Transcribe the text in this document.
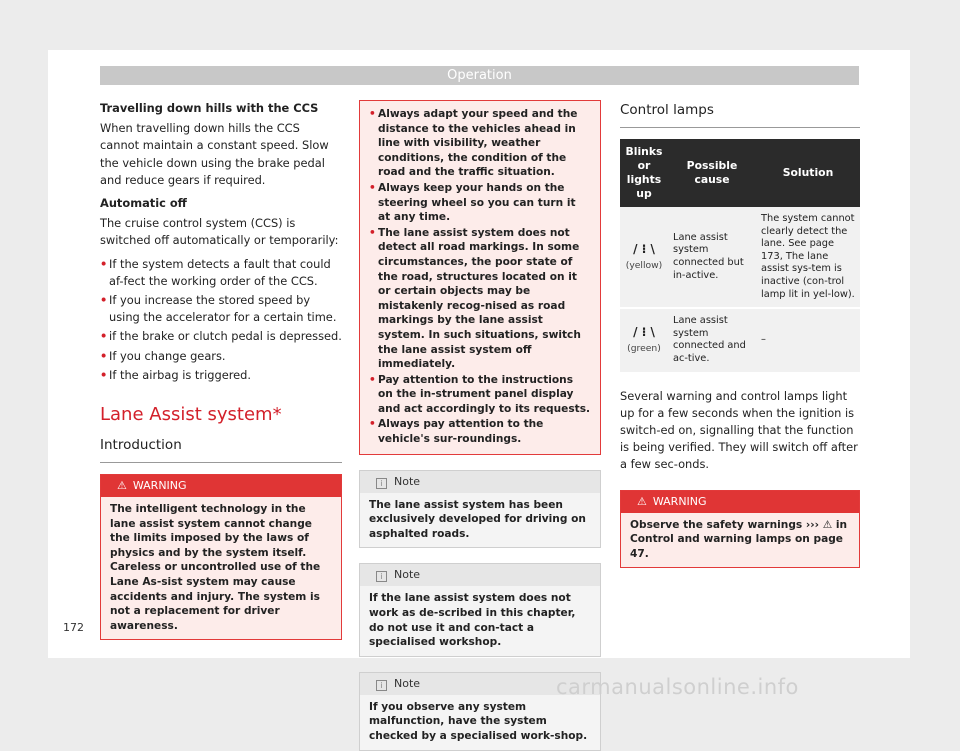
Operation
Travelling down hills with the CCS
When travelling down hills the CCS cannot maintain a constant speed. Slow the vehicle down using the brake pedal and reduce gears if required.
Automatic off
The cruise control system (CCS) is switched off automatically or temporarily:
• If the system detects a fault that could af-fect the working order of the CCS.
• If you increase the stored speed by using the accelerator for a certain time.
• if the brake or clutch pedal is depressed.
• If you change gears.
• If the airbag is triggered.
Lane Assist system*
Introduction
⚠ WARNING
The intelligent technology in the lane assist system cannot change the limits imposed by the laws of physics and by the system itself. Careless or uncontrolled use of the Lane As-sist system may cause accidents and injury. The system is not a replacement for driver awareness.
• Always adapt your speed and the distance to the vehicles ahead in line with visibility, weather conditions, the condition of the road and the traffic situation.
• Always keep your hands on the steering wheel so you can turn it at any time.
• The lane assist system does not detect all road markings. In some circumstances, the poor state of the road, structures located on it or certain objects may be mistakenly recog-nised as road markings by the lane assist system. In such situations, switch the lane assist system off immediately.
• Pay attention to the instructions on the in-strument panel display and act accordingly to its requests.
• Always pay attention to the vehicle's sur-roundings.
i Note
The lane assist system has been exclusively developed for driving on asphalted roads.
i Note
If the lane assist system does not work as de-scribed in this chapter, do not use it and con-tact a specialised workshop.
i Note
If you observe any system malfunction, have the system checked by a specialised work-shop.
Control lamps
Blinks or lights up	Possible cause	Solution

/ ⁝ \
(yellow)	Lane assist system connected but in-active.	The system cannot clearly detect the lane. See page 173, The lane assist sys-tem is inactive (con-trol lamp lit in yel-low).

/ ⁝ \
(green)	Lane assist system connected and ac-tive.	–
Several warning and control lamps light up for a few seconds when the ignition is switch-ed on, signalling that the function is being verified. They will switch off after a few sec-onds.
⚠ WARNING
Observe the safety warnings ››› ⚠ in Control and warning lamps on page 47.
172
carmanualsonline.info
